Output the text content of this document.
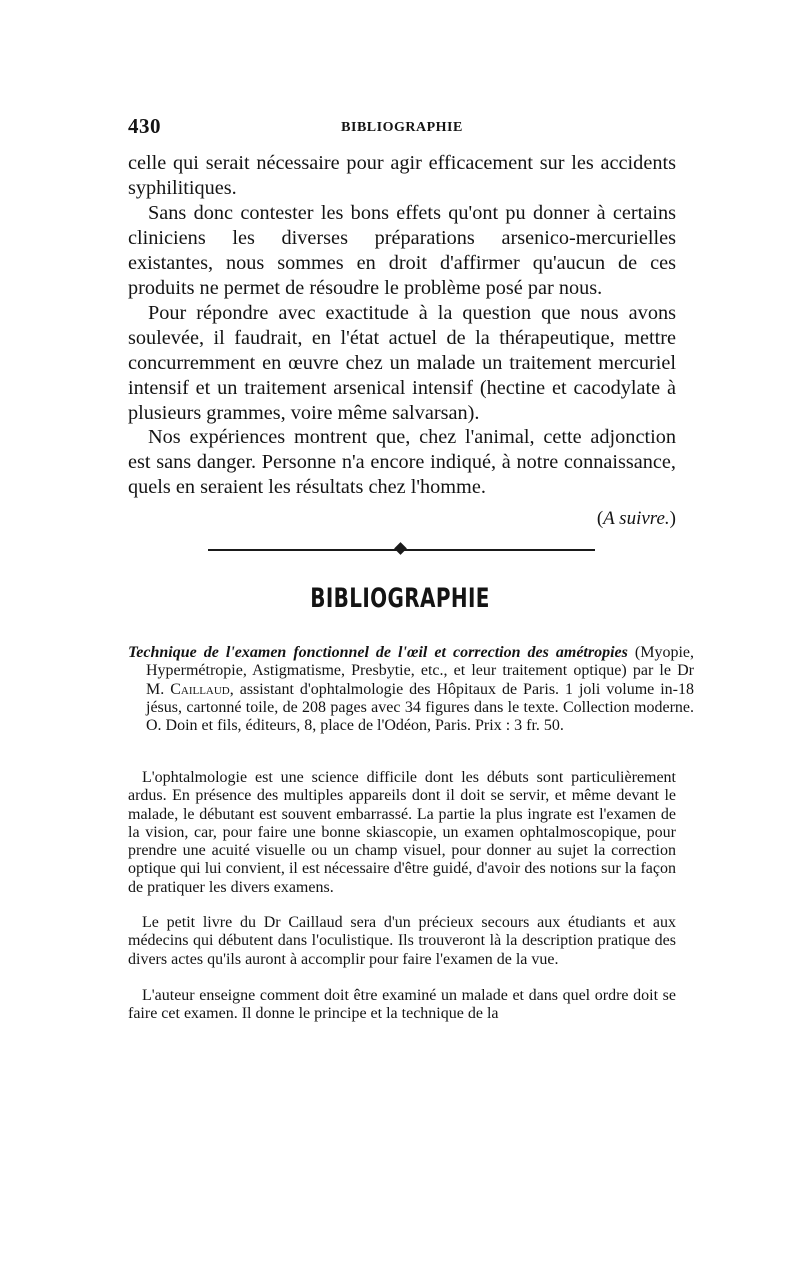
430	BIBLIOGRAPHIE

celle qui serait nécessaire pour agir efficacement sur les accidents syphilitiques.

Sans donc contester les bons effets qu'ont pu donner à certains cliniciens les diverses préparations arsenico-mercurielles existantes, nous sommes en droit d'affirmer qu'aucun de ces produits ne permet de résoudre le problème posé par nous.

Pour répondre avec exactitude à la question que nous avons soulevée, il faudrait, en l'état actuel de la thérapeutique, mettre concurremment en œuvre chez un malade un traitement mercuriel intensif et un traitement arsenical intensif (hectine et cacodylate à plusieurs grammes, voire même salvarsan).

Nos expériences montrent que, chez l'animal, cette adjonction est sans danger. Personne n'a encore indiqué, à notre connaissance, quels en seraient les résultats chez l'homme.

(A suivre.)
BIBLIOGRAPHIE

Technique de l'examen fonctionnel de l'œil et correction des amétropies (Myopie, Hypermétropie, Astigmatisme, Presbytie, etc., et leur traitement optique) par le Dr M. Caillaud, assistant d'ophtalmologie des Hôpitaux de Paris. 1 joli volume in-18 jésus, cartonné toile, de 208 pages avec 34 figures dans le texte. Collection moderne. O. Doin et fils, éditeurs, 8, place de l'Odéon, Paris. Prix : 3 fr. 50.

L'ophtalmologie est une science difficile dont les débuts sont particulièrement ardus. En présence des multiples appareils dont il doit se servir, et même devant le malade, le débutant est souvent embarrassé. La partie la plus ingrate est l'examen de la vision, car, pour faire une bonne skiascopie, un examen ophtalmoscopique, pour prendre une acuité visuelle ou un champ visuel, pour donner au sujet la correction optique qui lui convient, il est nécessaire d'être guidé, d'avoir des notions sur la façon de pratiquer les divers examens.

Le petit livre du Dr Caillaud sera d'un précieux secours aux étudiants et aux médecins qui débutent dans l'oculistique. Ils trouveront là la description pratique des divers actes qu'ils auront à accomplir pour faire l'examen de la vue.

L'auteur enseigne comment doit être examiné un malade et dans quel ordre doit se faire cet examen. Il donne le principe et la technique de la
